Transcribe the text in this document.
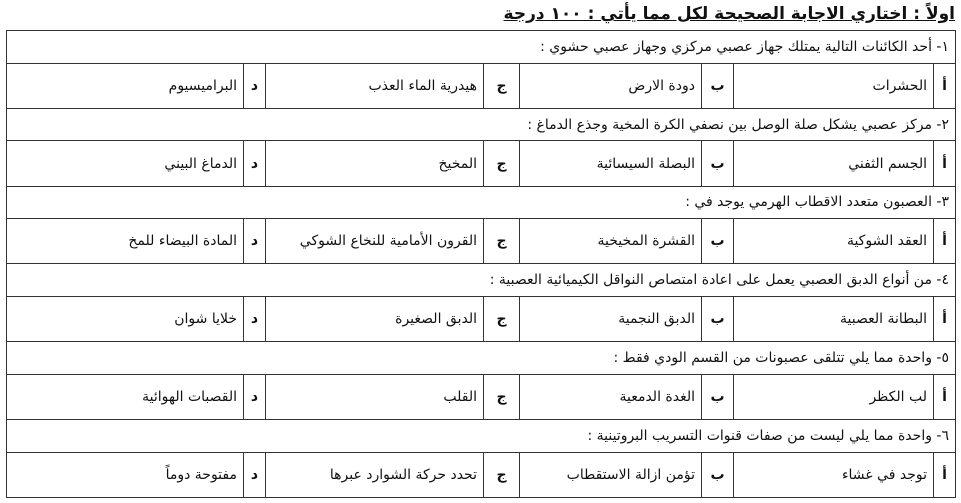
اولاً : اختاري الاجابة الصحيحة لكل مما يأتي : ١٠٠ درجة
١- أحد الكائنات التالية يمتلك جهاز عصبي مركزي وجهاز عصبي حشوي :							
أ	الحشرات	ب	دودة الارض	ج	هيدرية الماء العذب	د	البراميسيوم
٢- مركز عصبي يشكل صلة الوصل بين نصفي الكرة المخية وجذع الدماغ :							
أ	الجسم الثفني	ب	البصلة السيسائية	ج	المخيخ	د	الدماغ البيني
٣- العصبون متعدد الاقطاب الهرمي يوجد في :							
أ	العقد الشوكية	ب	القشرة المخيخية	ج	القرون الأمامية للنخاع الشوكي	د	المادة البيضاء للمخ
٤- من أنواع الدبق العصبي يعمل على اعادة امتصاص النواقل الكيميائية العصبية :							
أ	البطانة العصبية	ب	الدبق النجمية	ج	الدبق الصغيرة	د	خلايا شوان
٥- واحدة مما يلي تتلقى عصبونات من القسم الودي فقط :							
أ	لب الكظر	ب	الغدة الدمعية	ج	القلب	د	القصبات الهوائية
٦- واحدة مما يلي ليست من صفات قنوات التسريب البروتينية :							
أ	توجد في غشاء	ب	تؤمن ازالة الاستقطاب	ج	تحدد حركة الشوارد عبرها	د	مفتوحة دوماً
